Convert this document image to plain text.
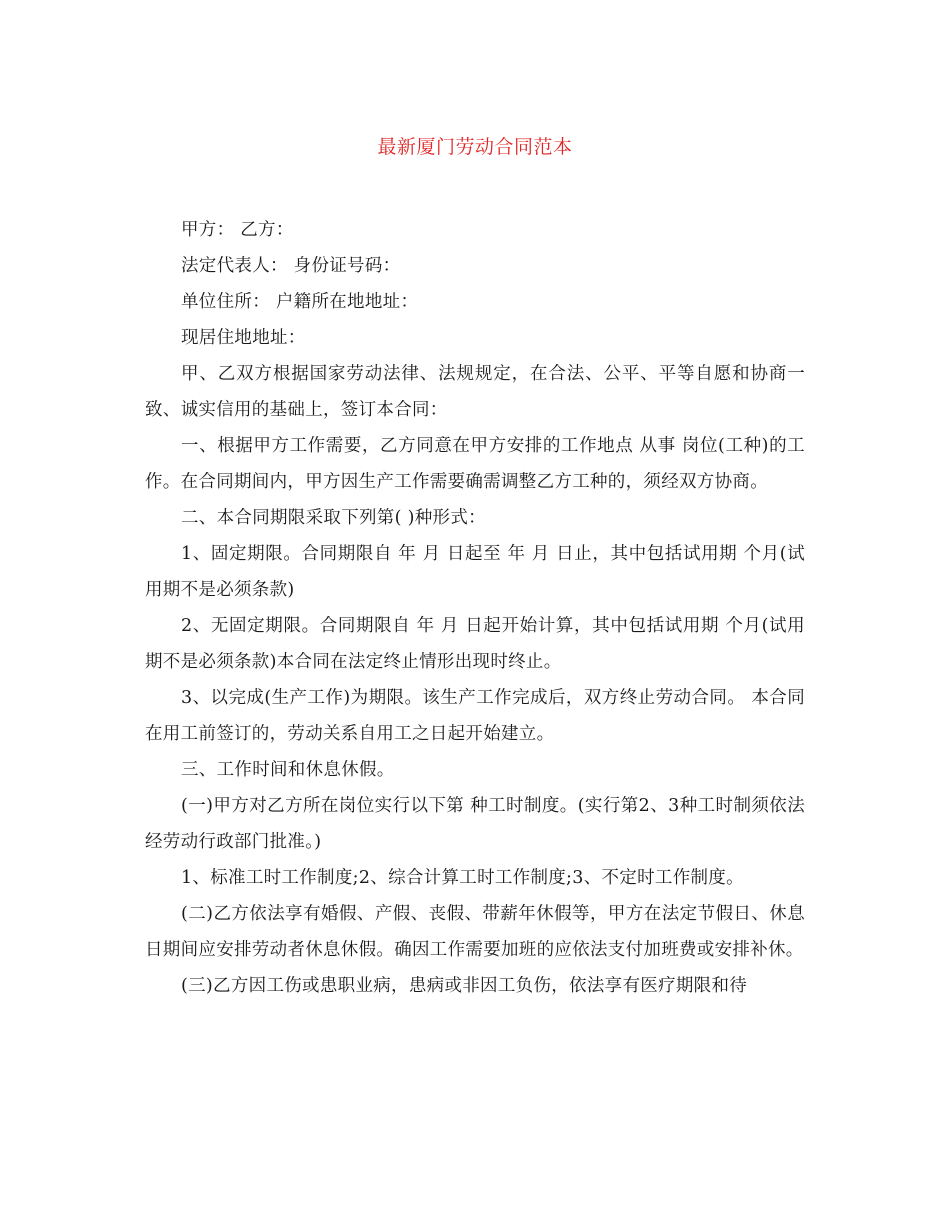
最新厦门劳动合同范本

甲方： 乙方：

法定代表人： 身份证号码：

单位住所： 户籍所在地地址：

现居住地地址：

甲、乙双方根据国家劳动法律、法规规定，在合法、公平、平等自愿和协商一致、诚实信用的基础上，签订本合同：

一、根据甲方工作需要，乙方同意在甲方安排的工作地点 从事 岗位(工种)的工作。在合同期间内，甲方因生产工作需要确需调整乙方工种的，须经双方协商。

二、本合同期限采取下列第( )种形式：

1、固定期限。合同期限自 年 月 日起至 年 月 日止，其中包括试用期 个月(试用期不是必须条款)

2、无固定期限。合同期限自 年 月 日起开始计算，其中包括试用期 个月(试用期不是必须条款)本合同在法定终止情形出现时终止。

3、以完成(生产工作)为期限。该生产工作完成后，双方终止劳动合同。 本合同在用工前签订的，劳动关系自用工之日起开始建立。

三、工作时间和休息休假。

(一)甲方对乙方所在岗位实行以下第 种工时制度。(实行第2、3种工时制须依法经劳动行政部门批准。)

1、标准工时工作制度;2、综合计算工时工作制度;3、不定时工作制度。

(二)乙方依法享有婚假、产假、丧假、带薪年休假等，甲方在法定节假日、休息日期间应安排劳动者休息休假。确因工作需要加班的应依法支付加班费或安排补休。

(三)乙方因工伤或患职业病，患病或非因工负伤，依法享有医疗期限和待
